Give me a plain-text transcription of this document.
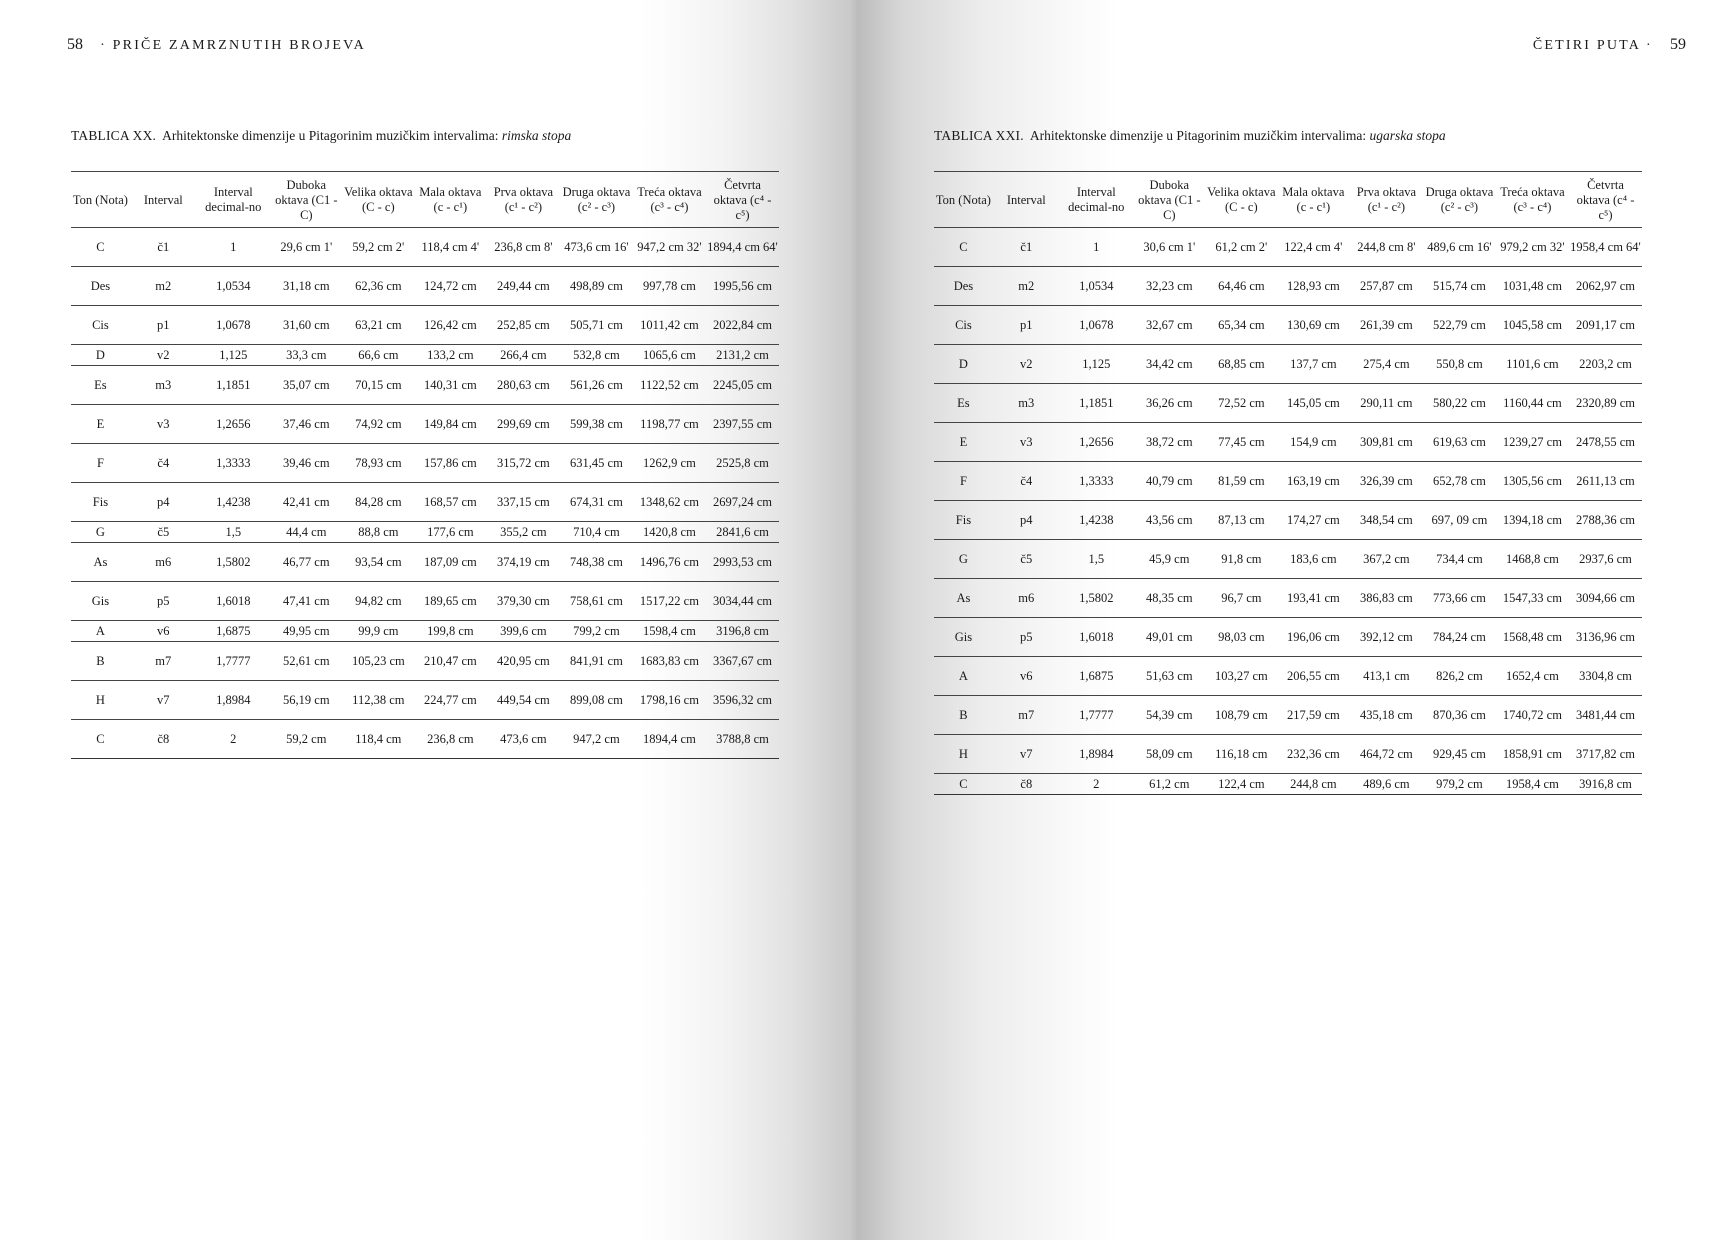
58 · PRIČE ZAMRZNUTIH BROJEVA
TABLICA XX. Arhitektonske dimenzije u Pitagorinim muzičkim intervalima: rimska stopa
Ton (Nota)	Interval	Interval decimal-no	Duboka oktava (C1 - C)	Velika oktava (C - c)	Mala oktava (c - c¹)	Prva oktava (c¹ - c²)	Druga oktava (c² - c³)	Treća oktava (c³ - c⁴)	Četvrta oktava (c⁴ - c⁵)
C	č1	1	29,6 cm 1'	59,2 cm 2'	118,4 cm 4'	236,8 cm 8'	473,6 cm 16'	947,2 cm 32'	1894,4 cm 64'
Des	m2	1,0534	31,18 cm	62,36 cm	124,72 cm	249,44 cm	498,89 cm	997,78 cm	1995,56 cm
Cis	p1	1,0678	31,60 cm	63,21 cm	126,42 cm	252,85 cm	505,71 cm	1011,42 cm	2022,84 cm
D	v2	1,125	33,3 cm	66,6 cm	133,2 cm	266,4 cm	532,8 cm	1065,6 cm	2131,2 cm
Es	m3	1,1851	35,07 cm	70,15 cm	140,31 cm	280,63 cm	561,26 cm	1122,52 cm	2245,05 cm
E	v3	1,2656	37,46 cm	74,92 cm	149,84 cm	299,69 cm	599,38 cm	1198,77 cm	2397,55 cm
F	č4	1,3333	39,46 cm	78,93 cm	157,86 cm	315,72 cm	631,45 cm	1262,9 cm	2525,8 cm
Fis	p4	1,4238	42,41 cm	84,28 cm	168,57 cm	337,15 cm	674,31 cm	1348,62 cm	2697,24 cm
G	č5	1,5	44,4 cm	88,8 cm	177,6 cm	355,2 cm	710,4 cm	1420,8 cm	2841,6 cm
As	m6	1,5802	46,77 cm	93,54 cm	187,09 cm	374,19 cm	748,38 cm	1496,76 cm	2993,53 cm
Gis	p5	1,6018	47,41 cm	94,82 cm	189,65 cm	379,30 cm	758,61 cm	1517,22 cm	3034,44 cm
A	v6	1,6875	49,95 cm	99,9 cm	199,8 cm	399,6 cm	799,2 cm	1598,4 cm	3196,8 cm
B	m7	1,7777	52,61 cm	105,23 cm	210,47 cm	420,95 cm	841,91 cm	1683,83 cm	3367,67 cm
H	v7	1,8984	56,19 cm	112,38 cm	224,77 cm	449,54 cm	899,08 cm	1798,16 cm	3596,32 cm
C	č8	2	59,2 cm	118,4 cm	236,8 cm	473,6 cm	947,2 cm	1894,4 cm	3788,8 cm
ČETIRI PUTA · 59
TABLICA XXI. Arhitektonske dimenzije u Pitagorinim muzičkim intervalima: ugarska stopa
Ton (Nota)	Interval	Interval decimal-no	Duboka oktava (C1 - C)	Velika oktava (C - c)	Mala oktava (c - c¹)	Prva oktava (c¹ - c²)	Druga oktava (c² - c³)	Treća oktava (c³ - c⁴)	Četvrta oktava (c⁴ - c⁵)
C	č1	1	30,6 cm 1'	61,2 cm 2'	122,4 cm 4'	244,8 cm 8'	489,6 cm 16'	979,2 cm 32'	1958,4 cm 64'
Des	m2	1,0534	32,23 cm	64,46 cm	128,93 cm	257,87 cm	515,74 cm	1031,48 cm	2062,97 cm
Cis	p1	1,0678	32,67 cm	65,34 cm	130,69 cm	261,39 cm	522,79 cm	1045,58 cm	2091,17 cm
D	v2	1,125	34,42 cm	68,85 cm	137,7 cm	275,4 cm	550,8 cm	1101,6 cm	2203,2 cm
Es	m3	1,1851	36,26 cm	72,52 cm	145,05 cm	290,11 cm	580,22 cm	1160,44 cm	2320,89 cm
E	v3	1,2656	38,72 cm	77,45 cm	154,9 cm	309,81 cm	619,63 cm	1239,27 cm	2478,55 cm
F	č4	1,3333	40,79 cm	81,59 cm	163,19 cm	326,39 cm	652,78 cm	1305,56 cm	2611,13 cm
Fis	p4	1,4238	43,56 cm	87,13 cm	174,27 cm	348,54 cm	697, 09 cm	1394,18 cm	2788,36 cm
G	č5	1,5	45,9 cm	91,8 cm	183,6 cm	367,2 cm	734,4 cm	1468,8 cm	2937,6 cm
As	m6	1,5802	48,35 cm	96,7 cm	193,41 cm	386,83 cm	773,66 cm	1547,33 cm	3094,66 cm
Gis	p5	1,6018	49,01 cm	98,03 cm	196,06 cm	392,12 cm	784,24 cm	1568,48 cm	3136,96 cm
A	v6	1,6875	51,63 cm	103,27 cm	206,55 cm	413,1 cm	826,2 cm	1652,4 cm	3304,8 cm
B	m7	1,7777	54,39 cm	108,79 cm	217,59 cm	435,18 cm	870,36 cm	1740,72 cm	3481,44 cm
H	v7	1,8984	58,09 cm	116,18 cm	232,36 cm	464,72 cm	929,45 cm	1858,91 cm	3717,82 cm
C	č8	2	61,2 cm	122,4 cm	244,8 cm	489,6 cm	979,2 cm	1958,4 cm	3916,8 cm
